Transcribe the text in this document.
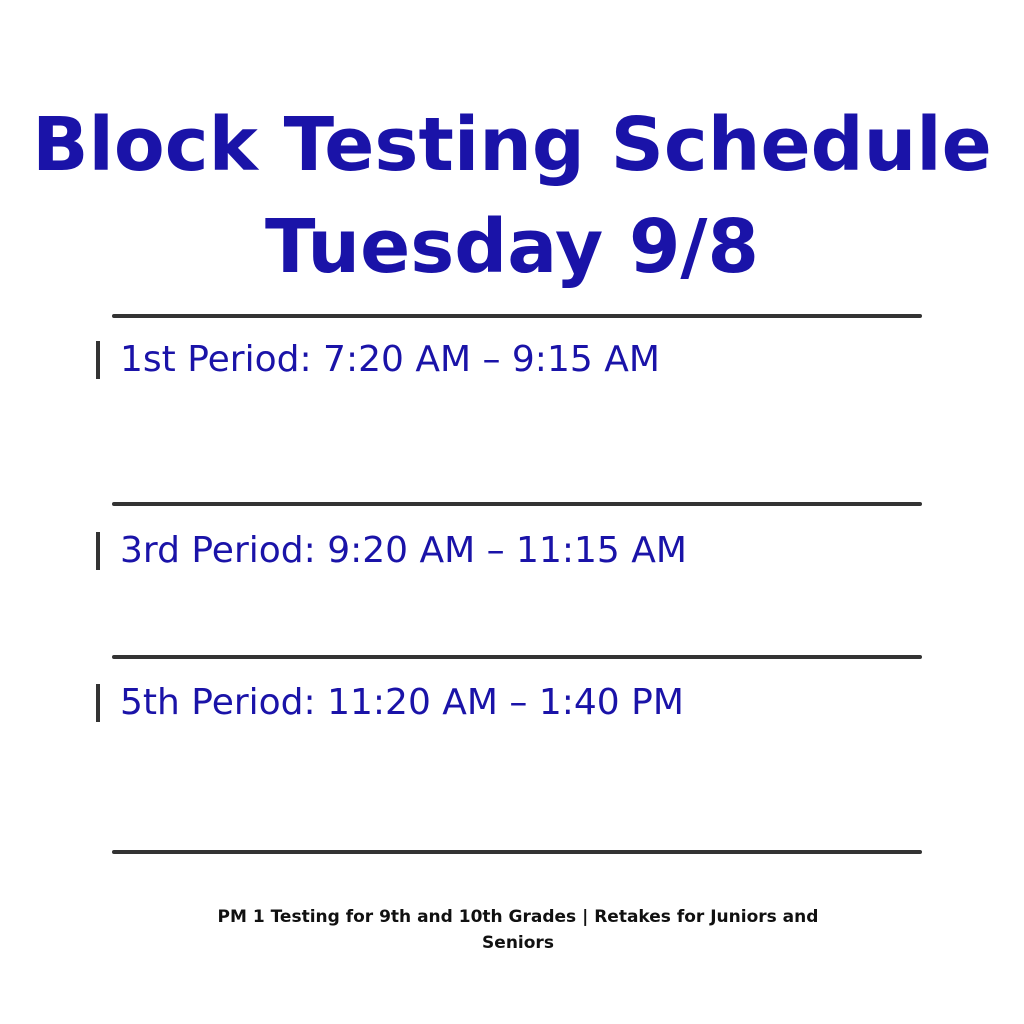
Block Testing Schedule
Tuesday 9/8
1st Period: 7:20 AM – 9:15 AM
3rd Period: 9:20 AM – 11:15 AM
5th Period: 11:20 AM – 1:40 PM
PM 1 Testing for 9th and 10th Grades | Retakes for Juniors and Seniors
